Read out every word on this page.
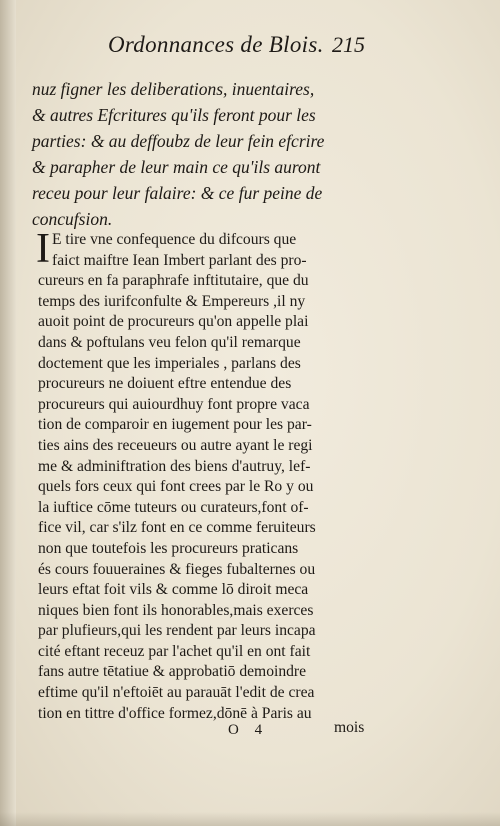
Ordonnances de Blois. 215
nuz figner les deliberations, inuentaires,
& autres Efcritures qu'ils feront pour les
parties: & au deffoubz de leur fein efcrire
& parapher de leur main ce qu'ils auront
receu pour leur falaire: & ce fur peine de
concufsion.
I E tire vne confequence du difcours que
faict maiftre Iean Imbert parlant des pro-
cureurs en fa paraphrafe inftitutaire, que du
temps des iurifconfulte & Empereurs ,il ny
auoit point de procureurs qu'on appelle plai
dans & poftulans veu felon qu'il remarque
doctement que les imperiales , parlans des
procureurs ne doiuent eftre entendue des
procureurs qui auiourdhuy font propre vaca
tion de comparoir en iugement pour les par-
ties ains des receueurs ou autre ayant le regi
me & adminiftration des biens d'autruy, lef-
quels fors ceux qui font crees par le Ro y ou
la iuftice cōme tuteurs ou curateurs,font of-
fice vil, car s'ilz font en ce comme feruiteurs
non que toutefois les procureurs praticans
és cours fouueraines & fieges fubalternes ou
leurs eftat foit vils & comme lō diroit meca
niques bien font ils honorables,mais exerces
par plufieurs,qui les rendent par leurs incapa
cité eftant receuz par l'achet qu'il en ont fait
fans autre tētatiue & approbatiō demoindre
eftime qu'il n'eftoiēt au parauāt l'edit de crea
tion en tittre d'office formez,dōnē à Paris au
O 4	mois
